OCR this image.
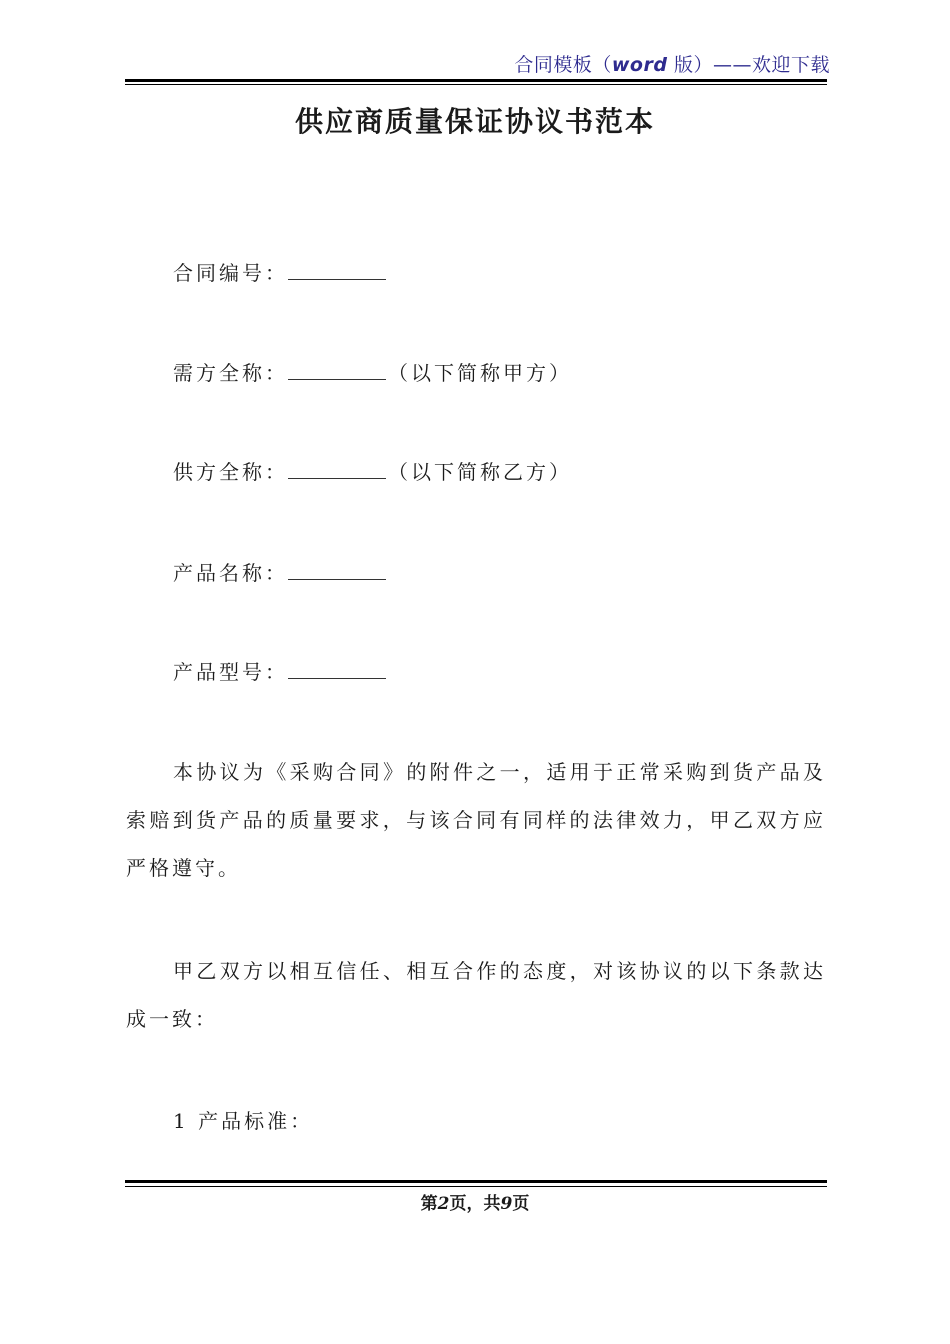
合同模板（word 版）——欢迎下载
供应商质量保证协议书范本
合同编号：
需方全称：	（以下简称甲方）
供方全称：	（以下简称乙方）
产品名称：
产品型号：
本协议为《采购合同》的附件之一，适用于正常采购到货产品及索赔到货产品的质量要求，与该合同有同样的法律效力，甲乙双方应严格遵守。
甲乙双方以相互信任、相互合作的态度，对该协议的以下条款达成一致：
1 产品标准：
第2页，共9页
